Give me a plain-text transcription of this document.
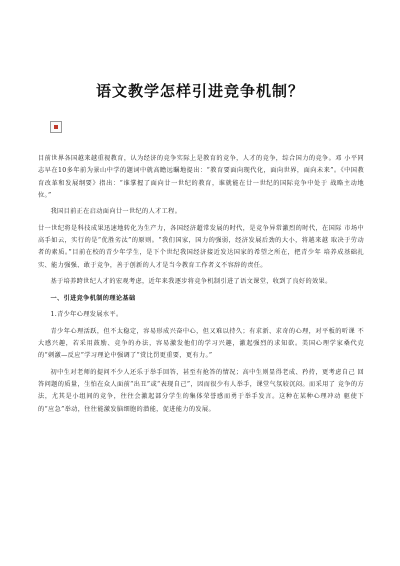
语文教学怎样引进竞争机制？

目前世界各国越来越重视教育，认为经济的竞争实际上是教育的竞争，人才的竞争，综合国力的竞争。邓 小平同志早在10多年前为景山中学的题词中就高瞻远瞩地提出：“教育要面向现代化，面向世界，面向未来”。《中国教育改革和发展纲要》指出：“谁掌握了面向廿一世纪的教育，谁就能在廿一世纪的国际竞争中处于 战略主动地位。”

我国目前正在启动面向廿一世纪的人才工程。

廿一世纪将是科技成果迅速地转化为生产力，各国经济超常发展的时代，是竞争异常激烈的时代，在国际 市场中高手如云，实行的是“优胜劣汰”的原则。“我们国家，国力的强弱，经济发展后劲的大小，将越来越 取决于劳动者的素质。”目前在校的青少年学生，是下个世纪我国经济接近发达国家的希望之所在，把青少年 培养成基础扎实、能力强强、敢于竞争，善于创新的人才是当今教育工作者义不容辞的责任。

基于培养跨世纪人才的宏观考虑，近年来我逐步将竞争机制引进了语文课堂，收到了良好的效果。

一、引进竞争机制的理论基础

1.青少年心理发展水平。

青少年心理活跃，但不太稳定，容易形成兴奋中心，但又难以持久；有求新、求奇的心理，对平板的听课 不大感兴趣，若采用鼓励、竞争的办法，容易激发他们的学习兴趣，激起强烈的求知欲。美国心理学家桑代克 的“刺激—反应”学习理论中强调了“赏比罚更重要，更有力。”

初中生对老师的提问不少人还乐于举手回答，甚至有抢答的情况；高中生则显得老成、矜持，更考虑自己 回答问题的质量，生怕在众人面前“出丑”或“表现自己”，因而很少有人举手，课堂气氛较沉闷。而采用了 竞争的方法，尤其是小组间的竞争，往往会激起部分学生的集体荣誉感而勇于举手发言。这种在某种心理冲动 驱使下的“应急”举动，往往能激发脑细胞的潜能，促进能力的发展。
